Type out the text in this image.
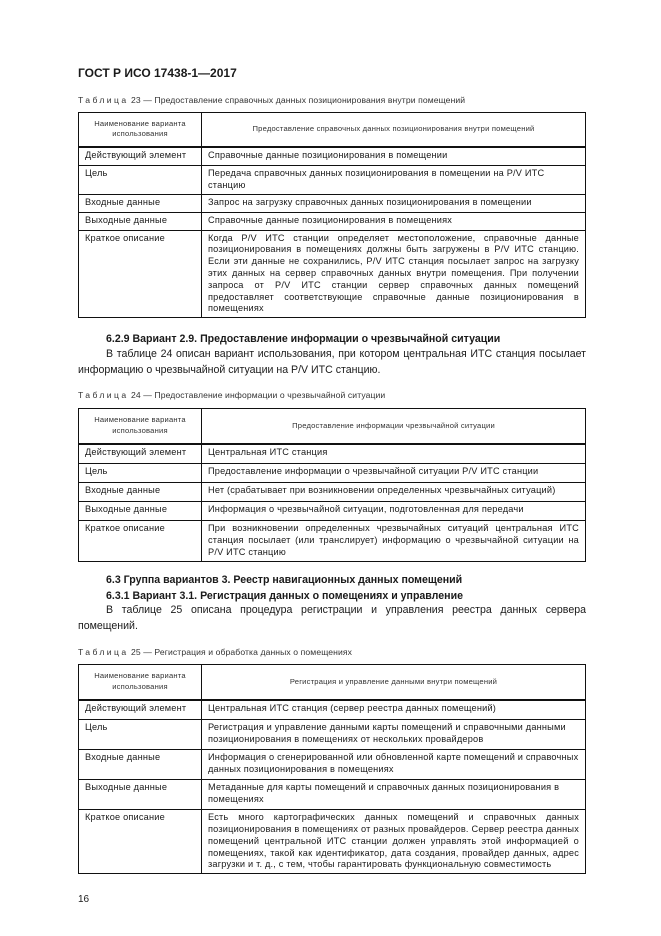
ГОСТ Р ИСО 17438-1—2017
Таблица 23 — Предоставление справочных данных позиционирования внутри помещений
Наименование варианта использования	Предоставление справочных данных позиционирования внутри помещений
Действующий элемент	Справочные данные позиционирования в помещении
Цель	Передача справочных данных позиционирования в помещении на P/V ИТС станцию
Входные данные	Запрос на загрузку справочных данных позиционирования в помещении
Выходные данные	Справочные данные позиционирования в помещениях
Краткое описание	Когда P/V ИТС станции определяет местоположение, справочные данные позиционирования в помещениях должны быть загружены в P/V ИТС станцию. Если эти данные не сохранились, P/V ИТС станция посылает запрос на загрузку этих данных на сервер справочных данных внутри помещения. При получении запроса от P/V ИТС станции сервер справочных данных помещений предоставляет соответствующие справочные данные позиционирования в помещениях
6.2.9 Вариант 2.9. Предоставление информации о чрезвычайной ситуации
В таблице 24 описан вариант использования, при котором центральная ИТС станция посылает информацию о чрезвычайной ситуации на P/V ИТС станцию.
Таблица 24 — Предоставление информации о чрезвычайной ситуации
Наименование варианта использования	Предоставление информации чрезвычайной ситуации
Действующий элемент	Центральная ИТС станция
Цель	Предоставление информации о чрезвычайной ситуации P/V ИТС станции
Входные данные	Нет (срабатывает при возникновении определенных чрезвычайных ситуаций)
Выходные данные	Информация о чрезвычайной ситуации, подготовленная для передачи
Краткое описание	При возникновении определенных чрезвычайных ситуаций центральная ИТС станция посылает (или транслирует) информацию о чрезвычайной ситуации на P/V ИТС станцию
6.3 Группа вариантов 3. Реестр навигационных данных помещений
6.3.1 Вариант 3.1. Регистрация данных о помещениях и управление
В таблице 25 описана процедура регистрации и управления реестра данных сервера помещений.
Таблица 25 — Регистрация и обработка данных о помещениях
Наименование варианта использования	Регистрация и управление данными внутри помещений
Действующий элемент	Центральная ИТС станция (сервер реестра данных помещений)
Цель	Регистрация и управление данными карты помещений и справочными данными позиционирования в помещениях от нескольких провайдеров
Входные данные	Информация о сгенерированной или обновленной карте помещений и справочных данных позиционирования в помещениях
Выходные данные	Метаданные для карты помещений и справочных данных позиционирования в помещениях
Краткое описание	Есть много картографических данных помещений и справочных данных позиционирования в помещениях от разных провайдеров. Сервер реестра данных помещений центральной ИТС станции должен управлять этой информацией о помещениях, такой как идентификатор, дата создания, провайдер данных, адрес загрузки и т. д., с тем, чтобы гарантировать функциональную совместимость
16
